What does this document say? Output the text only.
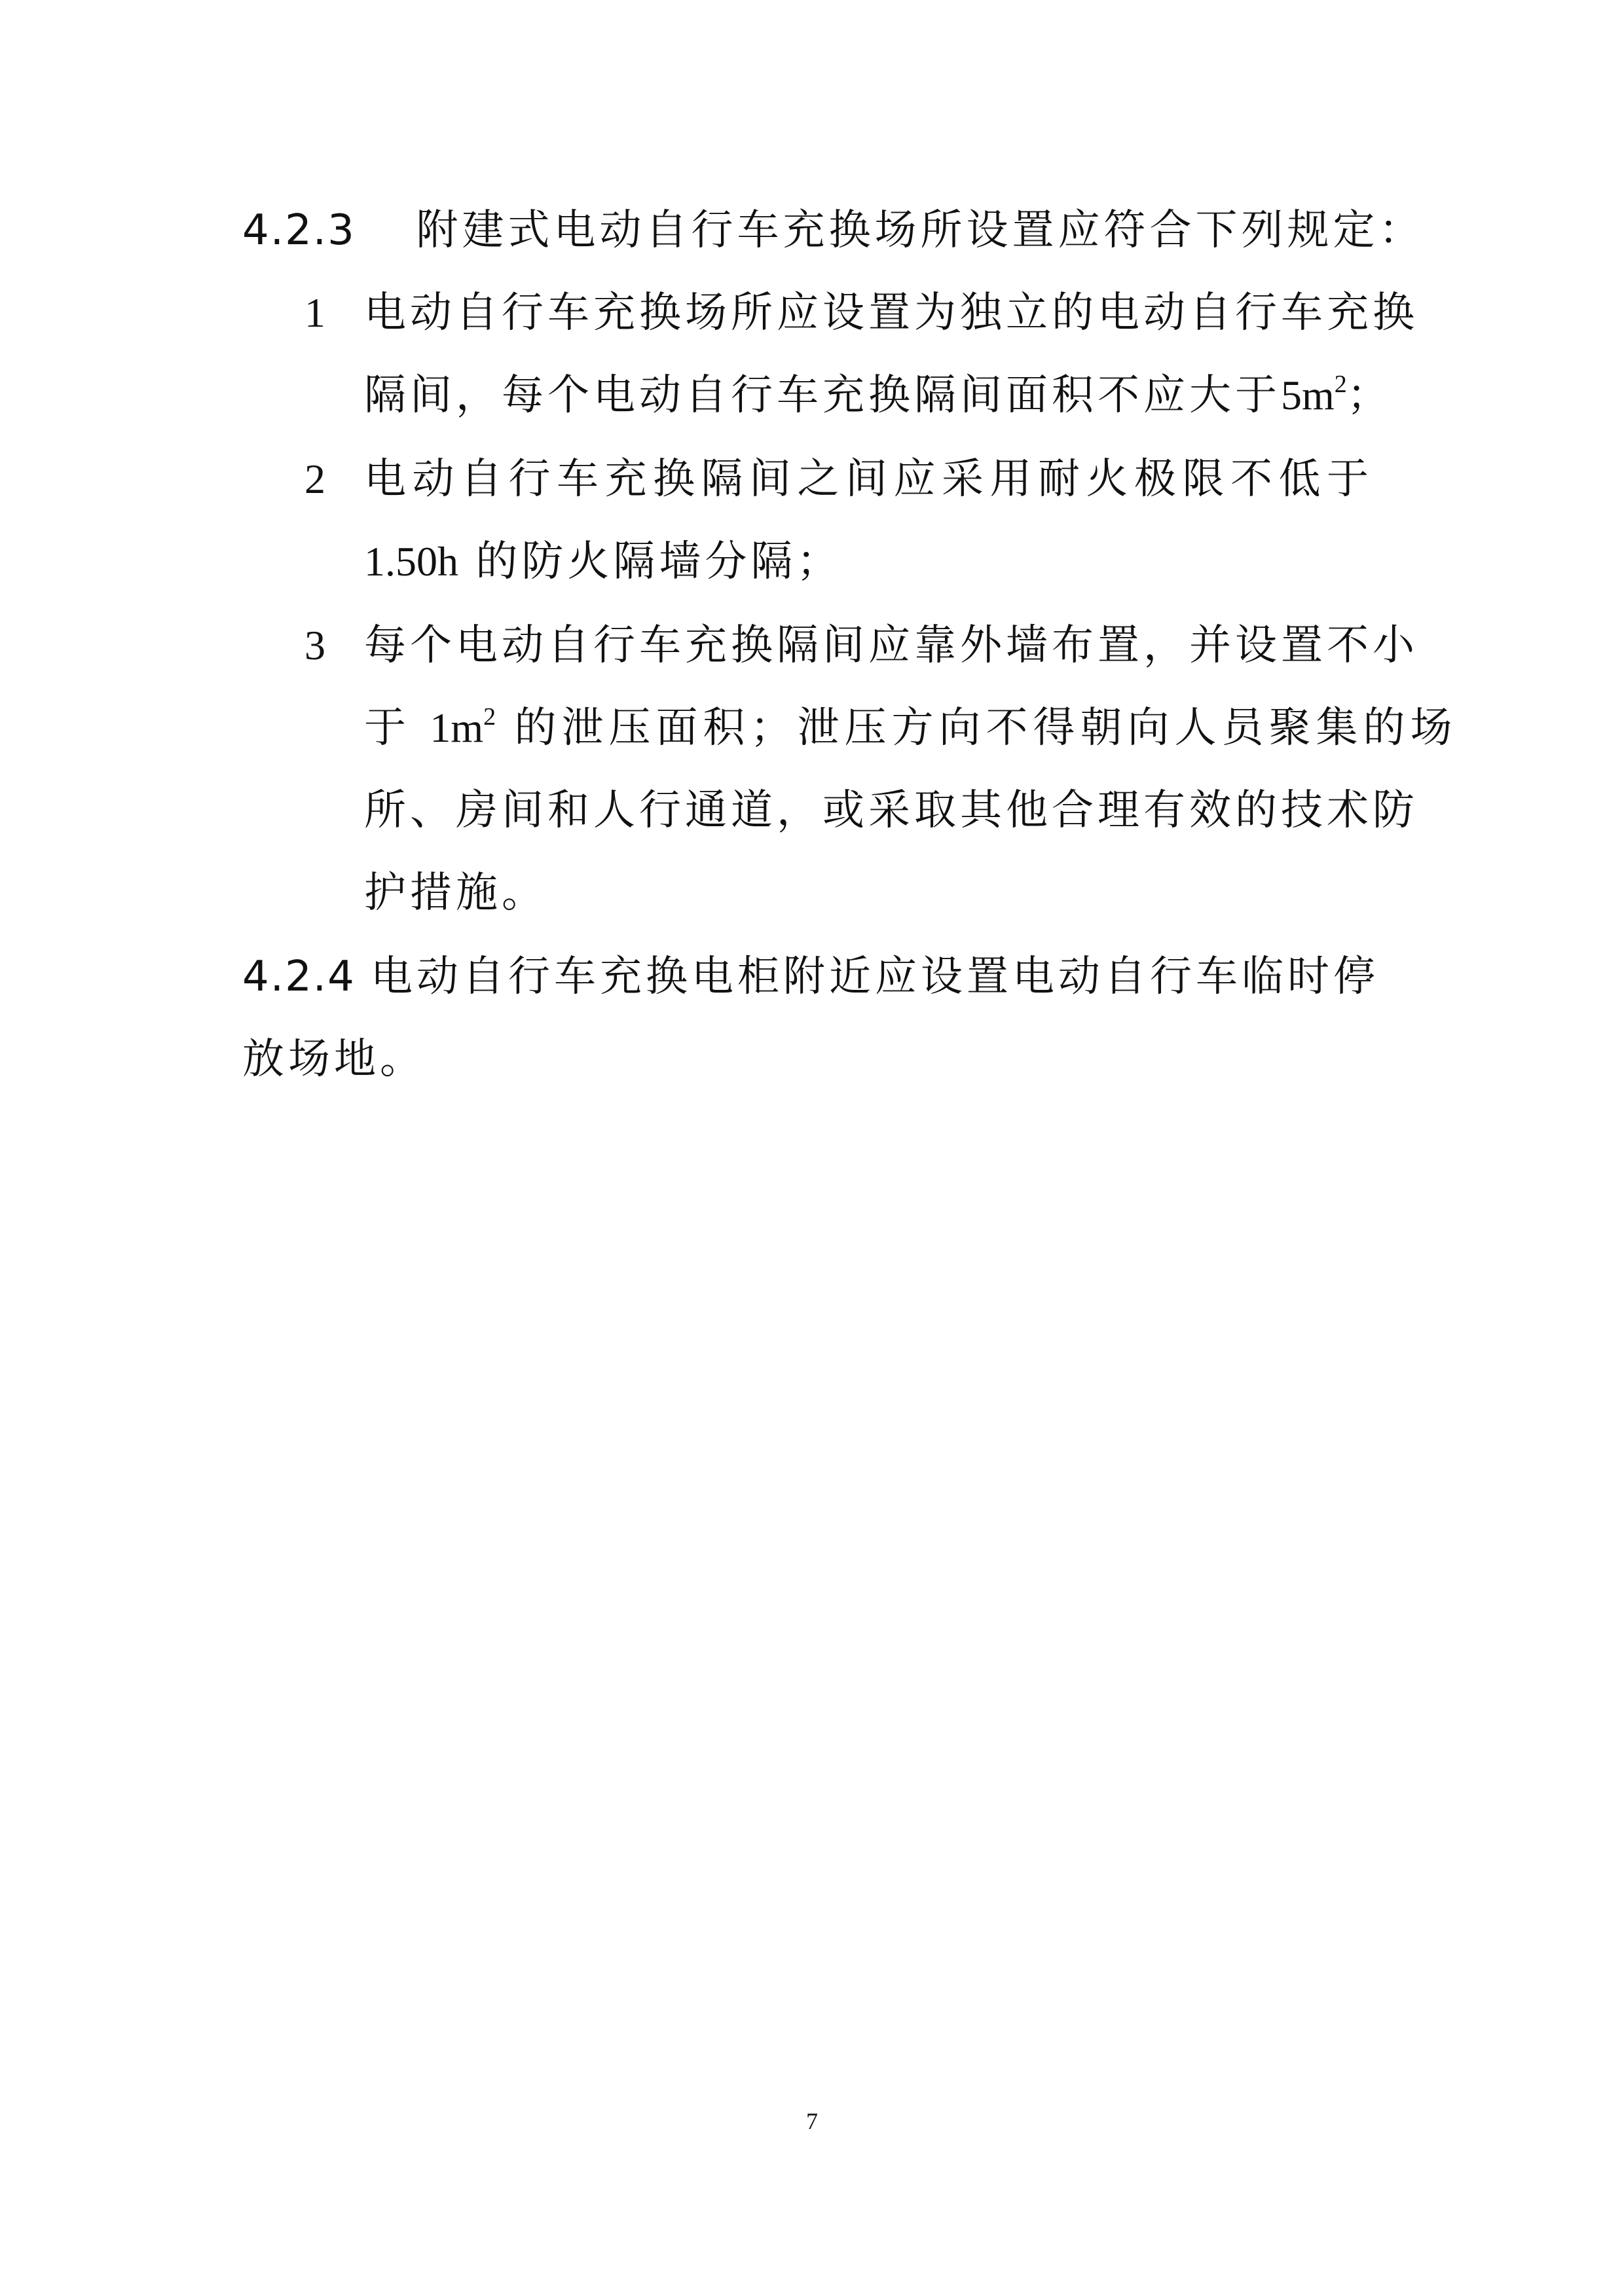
4.2.3 附建式电动自行车充换场所设置应符合下列规定：
1 电动自行车充换场所应设置为独立的电动自行车充换
隔间，每个电动自行车充换隔间面积不应大于$5m^2$；
2 电动自行车充换隔间之间应采用耐火极限不低于
1.50h 的防火隔墙分隔；
3 每个电动自行车充换隔间应靠外墙布置，并设置不小
于 $1m^2$ 的泄压面积；泄压方向不得朝向人员聚集的场
所、房间和人行通道，或采取其他合理有效的技术防
护措施。
4.2.4 电动自行车充换电柜附近应设置电动自行车临时停
放场地。
7
